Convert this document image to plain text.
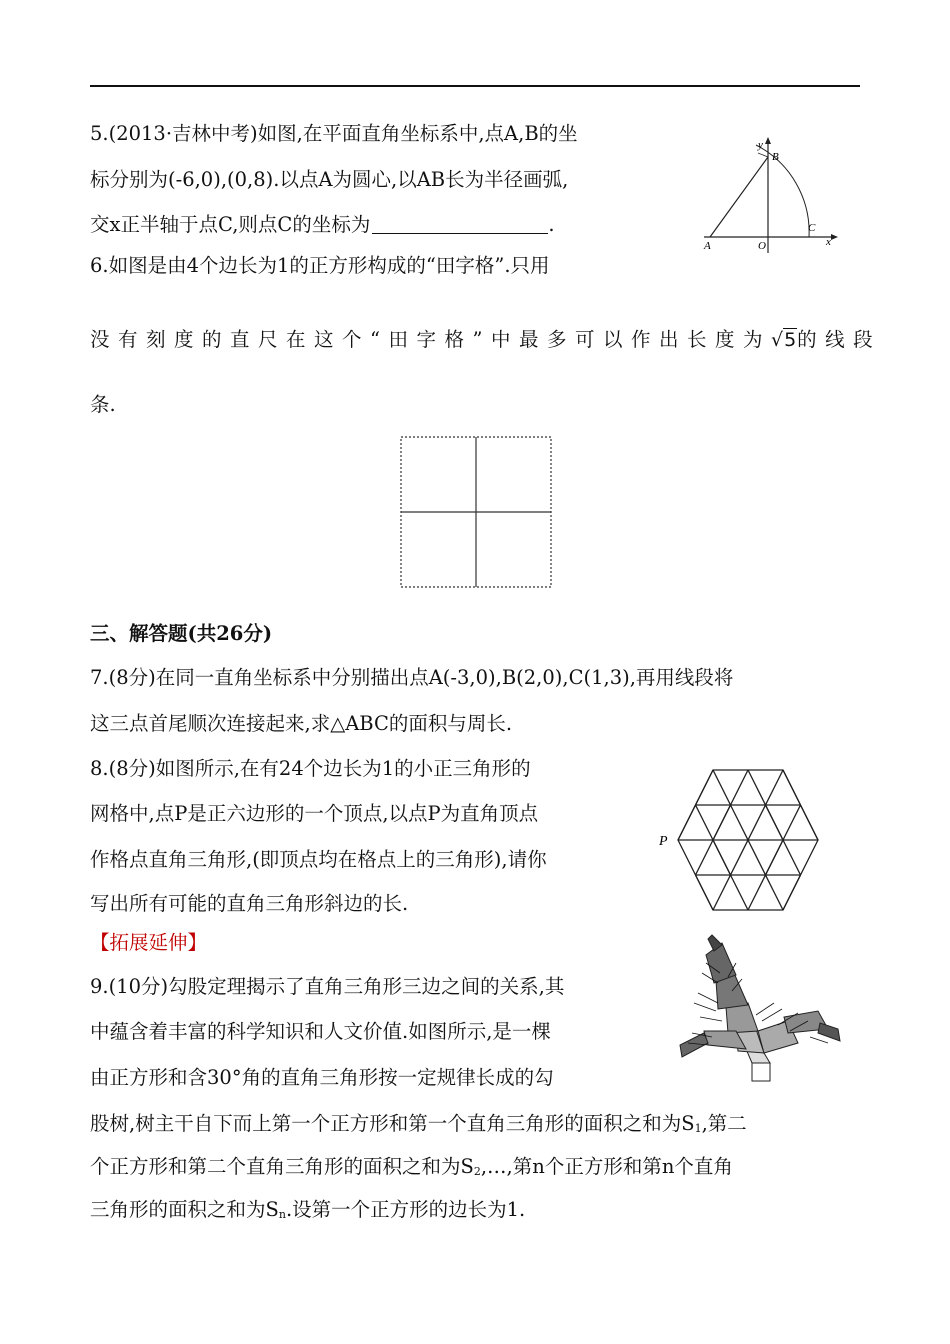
5.(2013·吉林中考)如图,在平面直角坐标系中,点A,B的坐
标分别为(-6,0),(0,8).以点A为圆心,以AB长为半径画弧,
交x正半轴于点C,则点C的坐标为	.
y
B
A	O
C
x
6.如图是由4个边长为1的正方形构成的“田字格”.只用
没有刻度的直尺在这个“田字格”中最多可以作出长度为√5的线段
条.
三、解答题(共26分)
7.(8分)在同一直角坐标系中分别描出点A(-3,0),B(2,0),C(1,3),再用线段将
这三点首尾顺次连接起来,求△ABC的面积与周长.
8.(8分)如图所示,在有24个边长为1的小正三角形的
网格中,点P是正六边形的一个顶点,以点P为直角顶点
作格点直角三角形,(即顶点均在格点上的三角形),请你
写出所有可能的直角三角形斜边的长.
P
【拓展延伸】
9.(10分)勾股定理揭示了直角三角形三边之间的关系,其
中蕴含着丰富的科学知识和人文价值.如图所示,是一棵
由正方形和含30°角的直角三角形按一定规律长成的勾
股树,树主干自下而上第一个正方形和第一个直角三角形的面积之和为$S_1$,第二
个正方形和第二个直角三角形的面积之和为$S_2,\dots$,第n个正方形和第n个直角
三角形的面积之和为$S_n$.设第一个正方形的边长为1.
